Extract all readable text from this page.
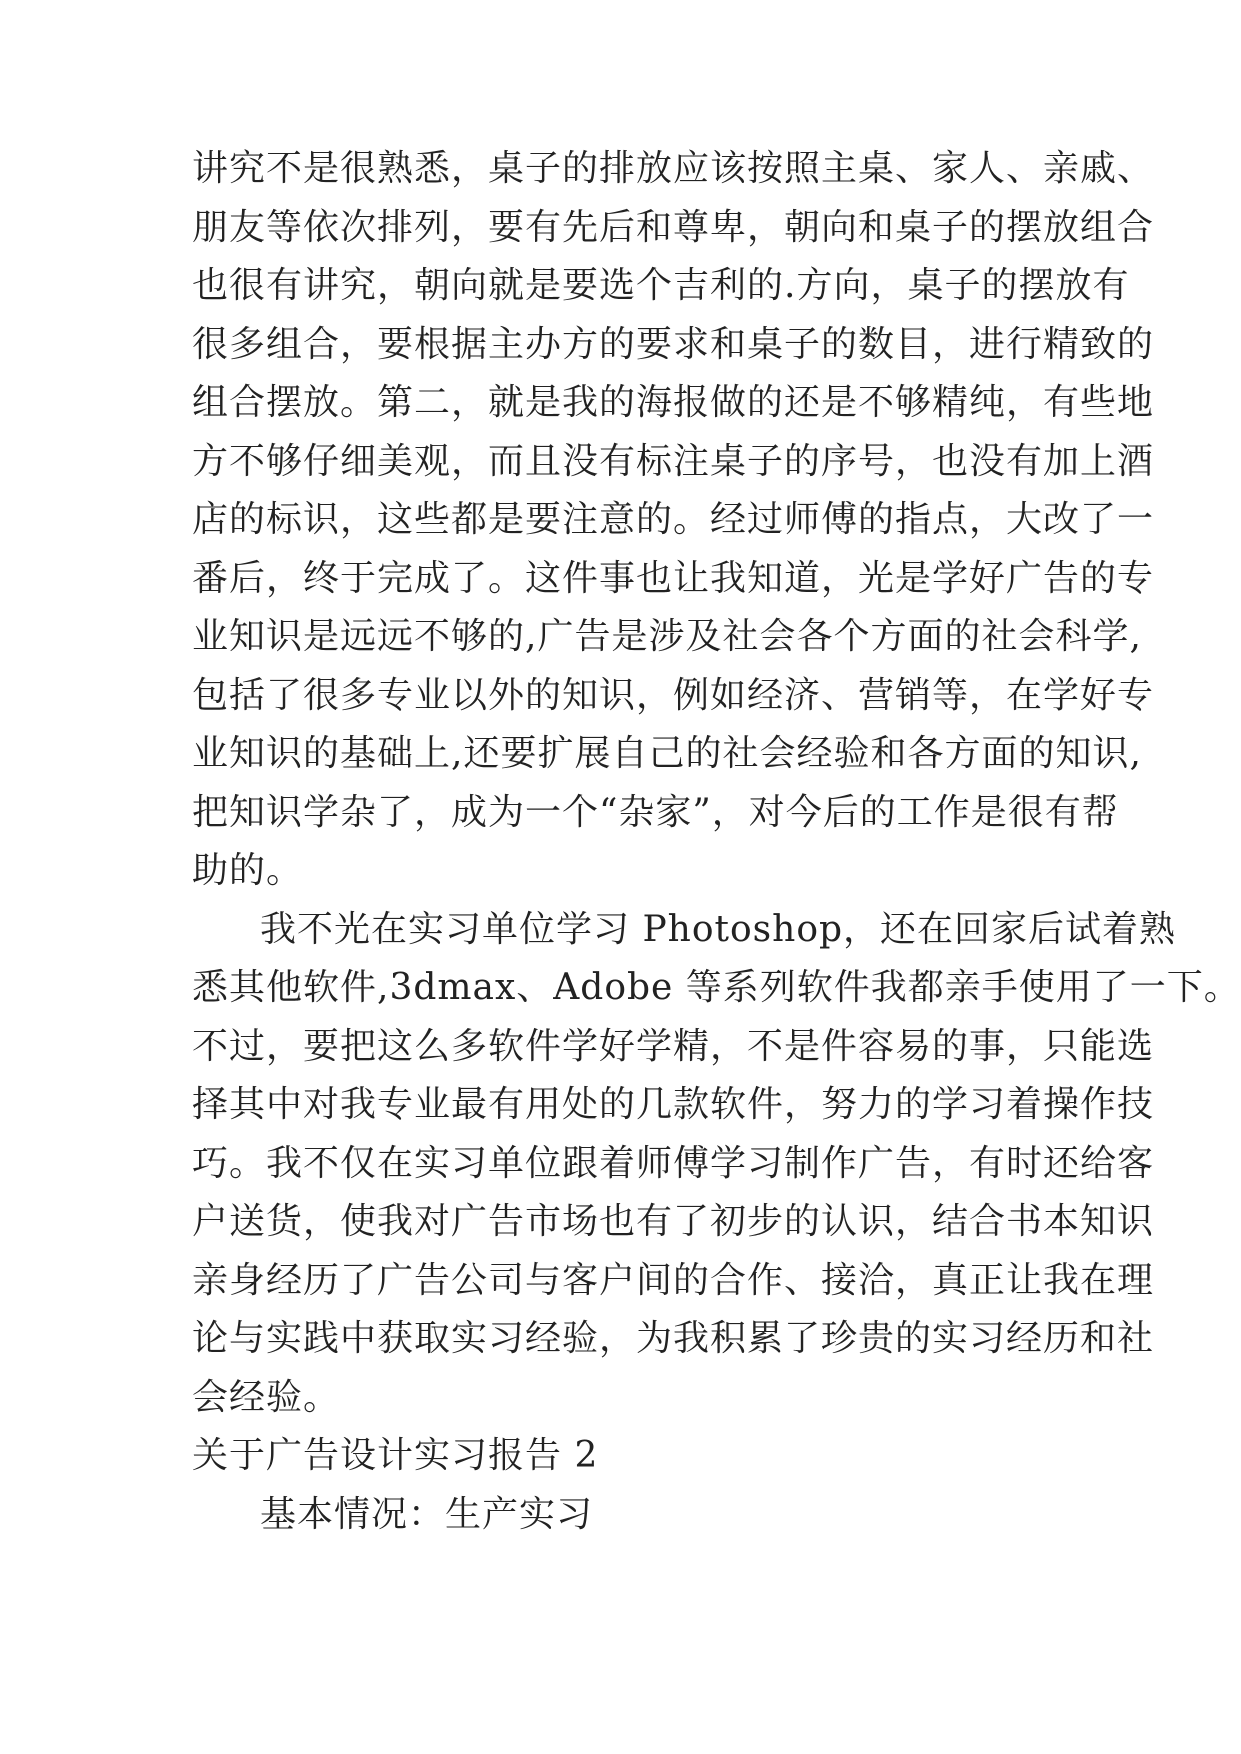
讲究不是很熟悉，桌子的排放应该按照主桌、家人、亲戚、
朋友等依次排列，要有先后和尊卑，朝向和桌子的摆放组合
也很有讲究，朝向就是要选个吉利的.方向，桌子的摆放有
很多组合，要根据主办方的要求和桌子的数目，进行精致的
组合摆放。第二，就是我的海报做的还是不够精纯，有些地
方不够仔细美观，而且没有标注桌子的序号，也没有加上酒
店的标识，这些都是要注意的。经过师傅的指点，大改了一
番后，终于完成了。这件事也让我知道，光是学好广告的专
业知识是远远不够的,广告是涉及社会各个方面的社会科学,
包括了很多专业以外的知识，例如经济、营销等，在学好专
业知识的基础上,还要扩展自己的社会经验和各方面的知识,
把知识学杂了，成为一个“杂家”，对今后的工作是很有帮
助的。
我不光在实习单位学习 Photoshop，还在回家后试着熟
悉其他软件,3dmax、Adobe 等系列软件我都亲手使用了一下。
不过，要把这么多软件学好学精，不是件容易的事，只能选
择其中对我专业最有用处的几款软件，努力的学习着操作技
巧。我不仅在实习单位跟着师傅学习制作广告，有时还给客
户送货，使我对广告市场也有了初步的认识，结合书本知识
亲身经历了广告公司与客户间的合作、接洽，真正让我在理
论与实践中获取实习经验，为我积累了珍贵的实习经历和社
会经验。
关于广告设计实习报告 2
基本情况：生产实习
